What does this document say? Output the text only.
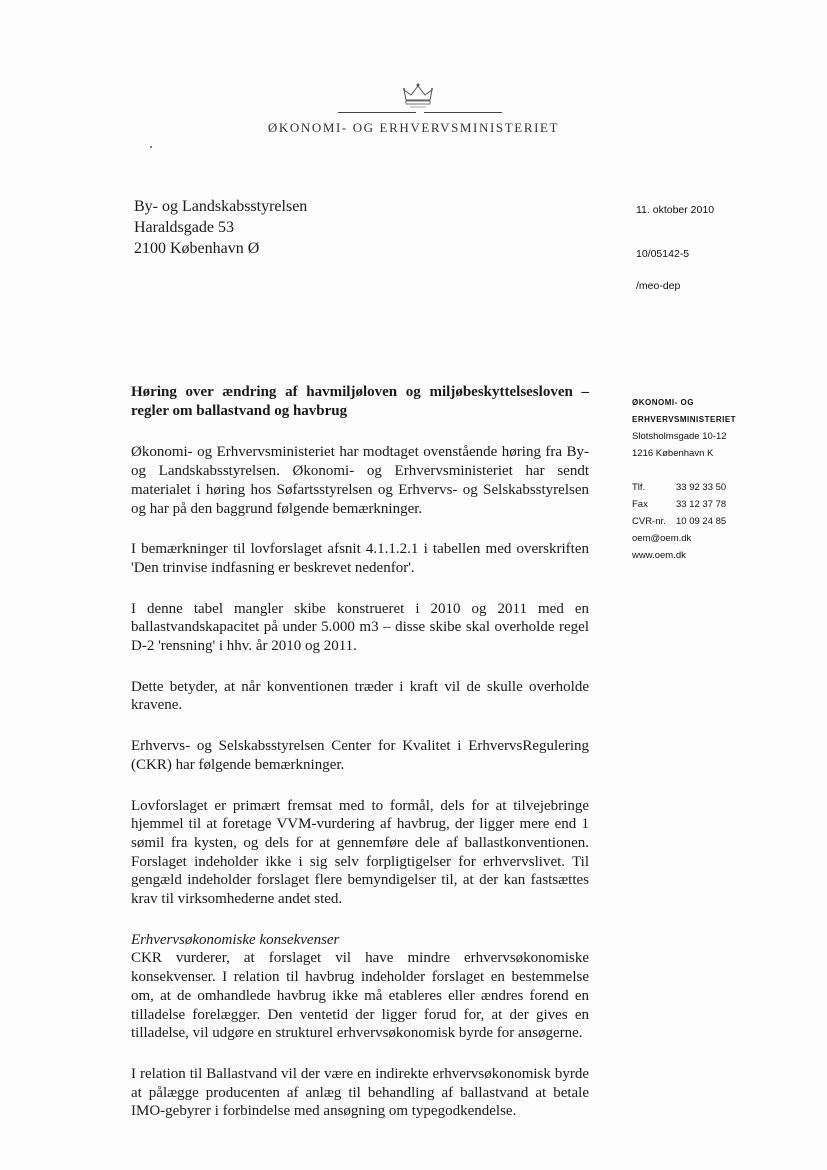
ØKONOMI- OG ERHVERVSMINISTERIET
By- og Landskabsstyrelsen
Haraldsgade 53
2100 København Ø
11. oktober 2010
10/05142-5
/meo-dep
ØKONOMI- OG
ERHVERVSMINISTERIET
Slotsholmsgade 10-12
1216 København K
Tlf.	33 92 33 50
Fax	33 12 37 78
CVR-nr.	10 09 24 85
oem@oem.dk
www.oem.dk

Høring over ændring af havmiljøloven og miljøbeskyttelsesloven – regler om ballastvand og havbrug

Økonomi- og Erhvervsministeriet har modtaget ovenstående høring fra By- og Landskabsstyrelsen. Økonomi- og Erhvervsministeriet har sendt materialet i høring hos Søfartsstyrelsen og Erhvervs- og Selskabsstyrelsen og har på den baggrund følgende bemærkninger.

I bemærkninger til lovforslaget afsnit 4.1.1.2.1 i tabellen med overskriften 'Den trinvise indfasning er beskrevet nedenfor'.

I denne tabel mangler skibe konstrueret i 2010 og 2011 med en ballastvandskapacitet på under 5.000 m3 – disse skibe skal overholde regel D-2 'rensning' i hhv. år 2010 og 2011.

Dette betyder, at når konventionen træder i kraft vil de skulle overholde kravene.

Erhvervs- og Selskabsstyrelsen Center for Kvalitet i ErhvervsRegulering (CKR) har følgende bemærkninger.

Lovforslaget er primært fremsat med to formål, dels for at tilvejebringe hjemmel til at foretage VVM-vurdering af havbrug, der ligger mere end 1 sømil fra kysten, og dels for at gennemføre dele af ballastkonventionen. Forslaget indeholder ikke i sig selv forpligtigelser for erhvervslivet. Til gengæld indeholder forslaget flere bemyndigelser til, at der kan fastsættes krav til virksomhederne andet sted.

Erhvervsøkonomiske konsekvenser

CKR vurderer, at forslaget vil have mindre erhvervsøkonomiske konsekvenser. I relation til havbrug indeholder forslaget en bestemmelse om, at de omhandlede havbrug ikke må etableres eller ændres forend en tilladelse forelægger. Den ventetid der ligger forud for, at der gives en tilladelse, vil udgøre en strukturel erhvervsøkonomisk byrde for ansøgerne.

I relation til Ballastvand vil der være en indirekte erhvervsøkonomisk byrde at pålægge producenten af anlæg til behandling af ballastvand at betale IMO-gebyrer i forbindelse med ansøgning om typegodkendelse.
